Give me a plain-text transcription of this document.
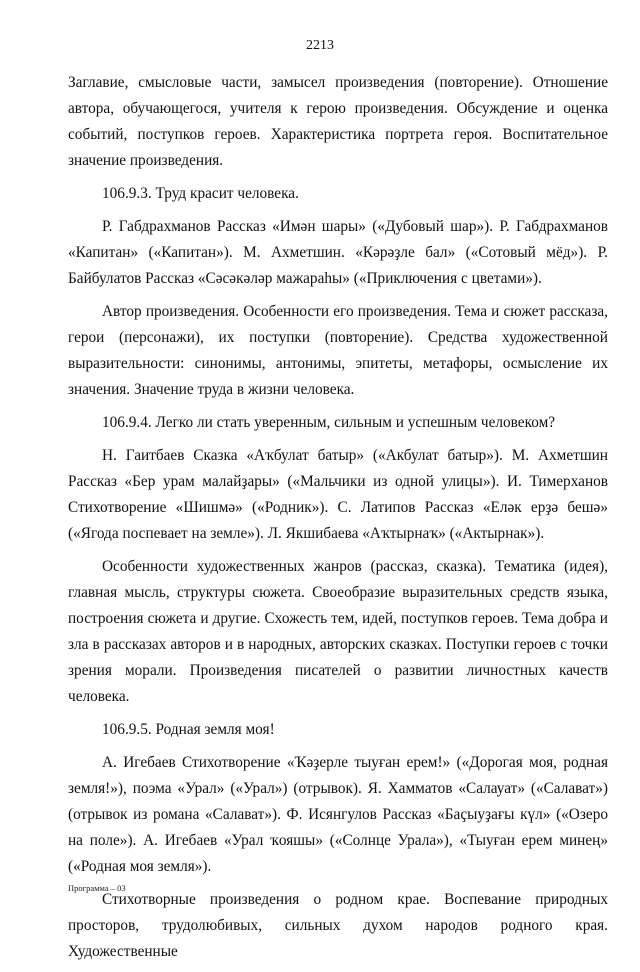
2213

Заглавие, смысловые части, замысел произведения (повторение). Отношение автора, обучающегося, учителя к герою произведения. Обсуждение и оценка событий, поступков героев. Характеристика портрета героя. Воспитательное значение произведения.

106.9.3. Труд красит человека.

Р. Габдрахманов Рассказ «Имән шары» («Дубовый шар»). Р. Габдрахманов «Капитан» («Капитан»). М. Ахметшин. «Кәрәҙле бал» («Сотовый мёд»). Р. Байбулатов Рассказ «Сәсәкәләр мажараһы» («Приключения с цветами»).

Автор произведения. Особенности его произведения. Тема и сюжет рассказа, герои (персонажи), их поступки (повторение). Средства художественной выразительности: синонимы, антонимы, эпитеты, метафоры, осмысление их значения. Значение труда в жизни человека.

106.9.4. Легко ли стать уверенным, сильным и успешным человеком?

Н. Гаитбаев Сказка «Аҡбулат батыр» («Акбулат батыр»). М. Ахметшин Рассказ «Бер урам малайҙары» («Мальчики из одной улицы»). И. Тимерханов Стихотворение «Шишмә» («Родник»). С. Латипов Рассказ «Еләк ерҙә бешә» («Ягода поспевает на земле»). Л. Якшибаева «Аҡтырнаҡ» («Актырнак»).

Особенности художественных жанров (рассказ, сказка). Тематика (идея), главная мысль, структуры сюжета. Своеобразие выразительных средств языка, построения сюжета и другие. Схожесть тем, идей, поступков героев. Тема добра и зла в рассказах авторов и в народных, авторских сказках. Поступки героев с точки зрения морали. Произведения писателей о развитии личностных качеств человека.

106.9.5. Родная земля моя!

А. Игебаев Стихотворение «Ҡәҙерле тыуған ерем!» («Дорогая моя, родная земля!»), поэма «Урал» («Урал») (отрывок). Я. Хамматов «Салауат» («Салават») (отрывок из романа «Салават»). Ф. Исянгулов Рассказ «Баҫыуҙағы күл» («Озеро на поле»). А. Игебаев «Урал ҡояшы» («Солнце Урала»), «Тыуған ерем минең» («Родная моя земля»).

Стихотворные произведения о родном крае. Воспевание природных просторов, трудолюбивых, сильных духом народов родного края. Художественные

Программа – 03
